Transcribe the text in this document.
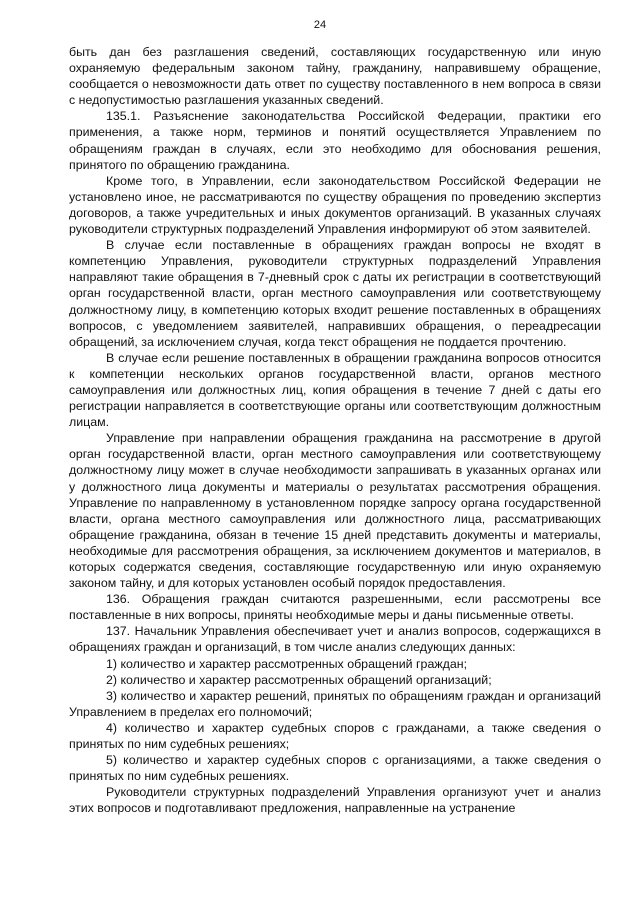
24

быть дан без разглашения сведений, составляющих государственную или иную охраняемую федеральным законом тайну, гражданину, направившему обращение, сообщается о невозможности дать ответ по существу поставленного в нем вопроса в связи с недопустимостью разглашения указанных сведений.

135.1. Разъяснение законодательства Российской Федерации, практики его применения, а также норм, терминов и понятий осуществляется Управлением по обращениям граждан в случаях, если это необходимо для обоснования решения, принятого по обращению гражданина.

Кроме того, в Управлении, если законодательством Российской Федерации не установлено иное, не рассматриваются по существу обращения по проведению экспертиз договоров, а также учредительных и иных документов организаций. В указанных случаях руководители структурных подразделений Управления информируют об этом заявителей.

В случае если поставленные в обращениях граждан вопросы не входят в компетенцию Управления, руководители структурных подразделений Управления направляют такие обращения в 7-дневный срок с даты их регистрации в соответствующий орган государственной власти, орган местного самоуправления или соответствующему должностному лицу, в компетенцию которых входит решение поставленных в обращениях вопросов, с уведомлением заявителей, направивших обращения, о переадресации обращений, за исключением случая, когда текст обращения не поддается прочтению.

В случае если решение поставленных в обращении гражданина вопросов относится к компетенции нескольких органов государственной власти, органов местного самоуправления или должностных лиц, копия обращения в течение 7 дней с даты его регистрации направляется в соответствующие органы или соответствующим должностным лицам.

Управление при направлении обращения гражданина на рассмотрение в другой орган государственной власти, орган местного самоуправления или соответствующему должностному лицу может в случае необходимости запрашивать в указанных органах или у должностного лица документы и материалы о результатах рассмотрения обращения. Управление по направленному в установленном порядке запросу органа государственной власти, органа местного самоуправления или должностного лица, рассматривающих обращение гражданина, обязан в течение 15 дней представить документы и материалы, необходимые для рассмотрения обращения, за исключением документов и материалов, в которых содержатся сведения, составляющие государственную или иную охраняемую законом тайну, и для которых установлен особый порядок предоставления.

136. Обращения граждан считаются разрешенными, если рассмотрены все поставленные в них вопросы, приняты необходимые меры и даны письменные ответы.

137. Начальник Управления обеспечивает учет и анализ вопросов, содержащихся в обращениях граждан и организаций, в том числе анализ следующих данных:

1) количество и характер рассмотренных обращений граждан;

2) количество и характер рассмотренных обращений организаций;

3) количество и характер решений, принятых по обращениям граждан и организаций Управлением в пределах его полномочий;

4) количество и характер судебных споров с гражданами, а также сведения о принятых по ним судебных решениях;

5) количество и характер судебных споров с организациями, а также сведения о принятых по ним судебных решениях.

Руководители структурных подразделений Управления организуют учет и анализ этих вопросов и подготавливают предложения, направленные на устранение
